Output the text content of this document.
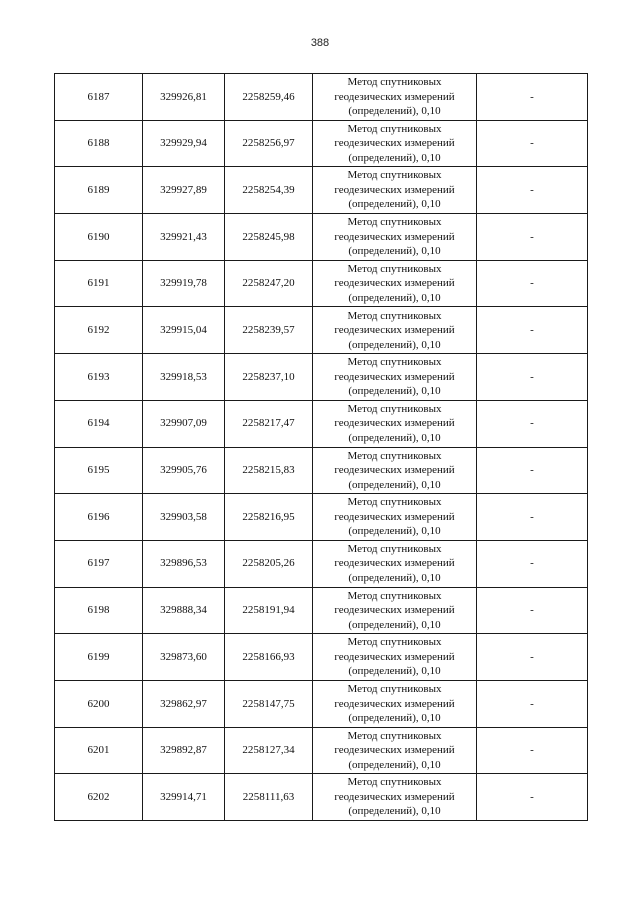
388
6187	329926,81	2258259,46	Метод спутниковых
геодезических измерений
(определений), 0,10	-
6188	329929,94	2258256,97	Метод спутниковых
геодезических измерений
(определений), 0,10	-
6189	329927,89	2258254,39	Метод спутниковых
геодезических измерений
(определений), 0,10	-
6190	329921,43	2258245,98	Метод спутниковых
геодезических измерений
(определений), 0,10	-
6191	329919,78	2258247,20	Метод спутниковых
геодезических измерений
(определений), 0,10	-
6192	329915,04	2258239,57	Метод спутниковых
геодезических измерений
(определений), 0,10	-
6193	329918,53	2258237,10	Метод спутниковых
геодезических измерений
(определений), 0,10	-
6194	329907,09	2258217,47	Метод спутниковых
геодезических измерений
(определений), 0,10	-
6195	329905,76	2258215,83	Метод спутниковых
геодезических измерений
(определений), 0,10	-
6196	329903,58	2258216,95	Метод спутниковых
геодезических измерений
(определений), 0,10	-
6197	329896,53	2258205,26	Метод спутниковых
геодезических измерений
(определений), 0,10	-
6198	329888,34	2258191,94	Метод спутниковых
геодезических измерений
(определений), 0,10	-
6199	329873,60	2258166,93	Метод спутниковых
геодезических измерений
(определений), 0,10	-
6200	329862,97	2258147,75	Метод спутниковых
геодезических измерений
(определений), 0,10	-
6201	329892,87	2258127,34	Метод спутниковых
геодезических измерений
(определений), 0,10	-
6202	329914,71	2258111,63	Метод спутниковых
геодезических измерений
(определений), 0,10	-
